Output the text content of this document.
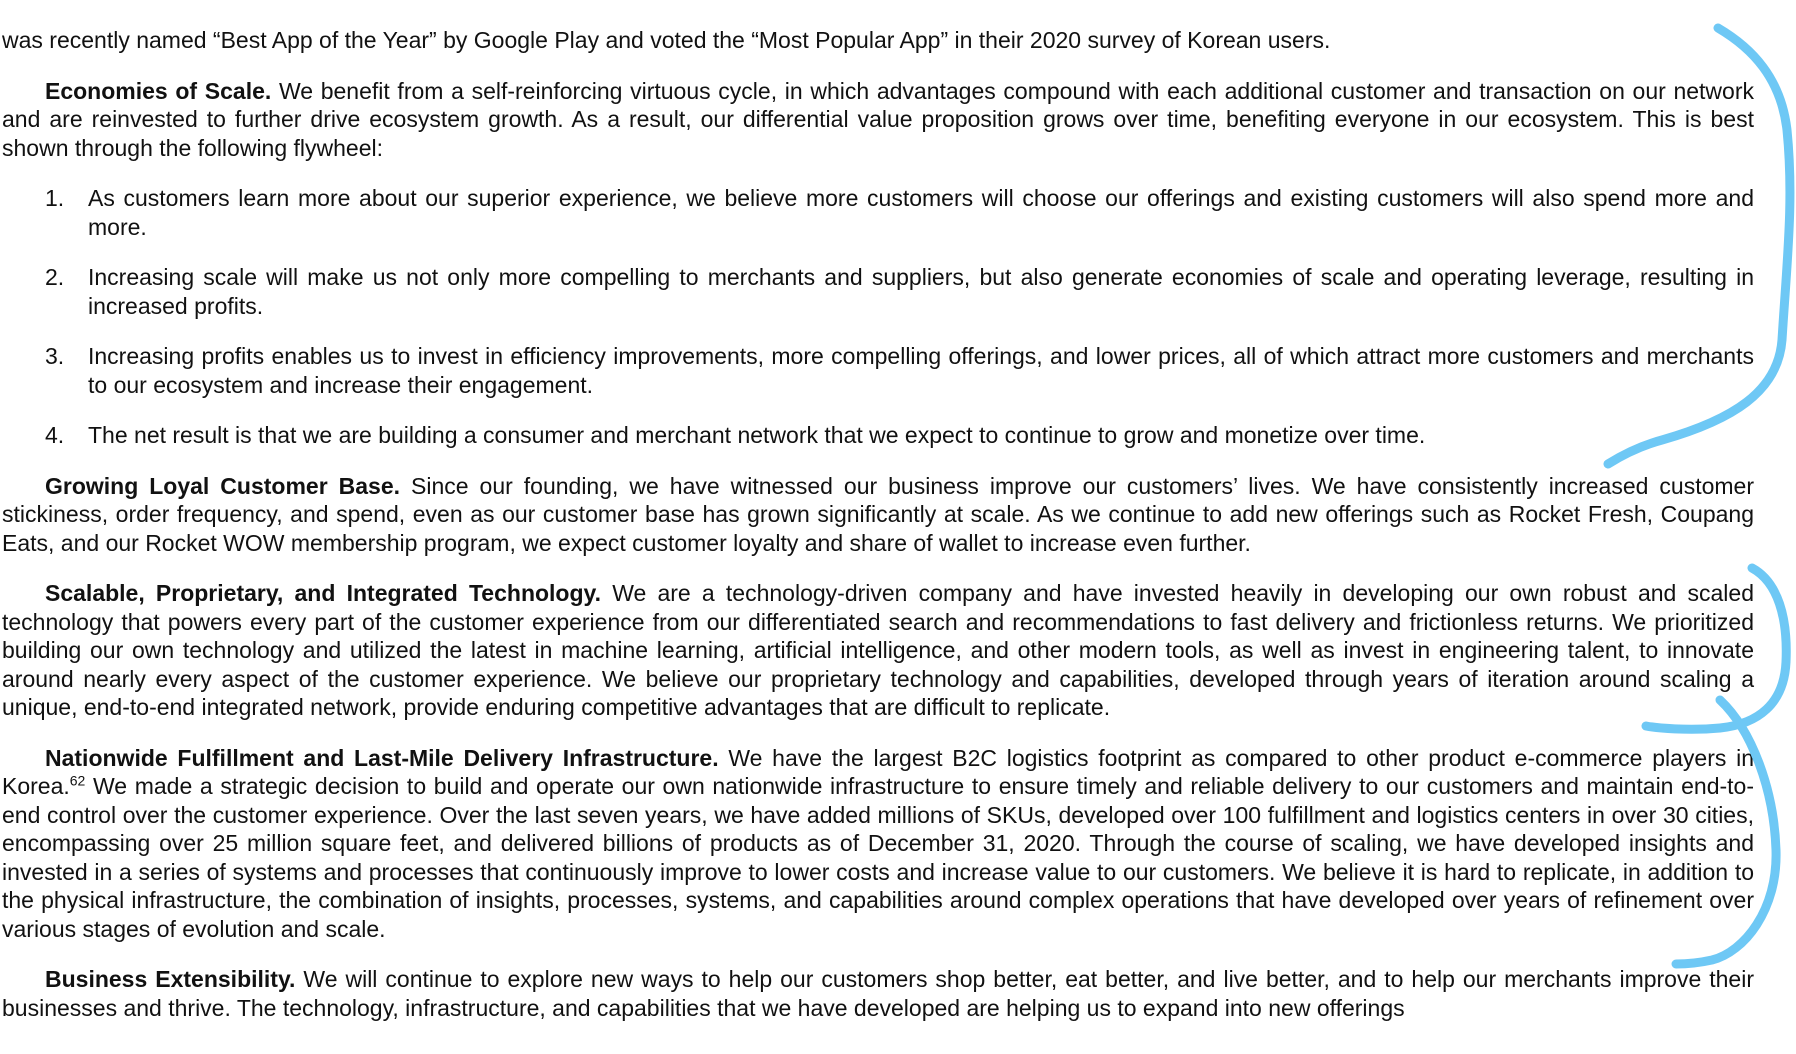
was recently named “Best App of the Year” by Google Play and voted the “Most Popular App” in their 2020 survey of Korean users.

Economies of Scale. We benefit from a self-reinforcing virtuous cycle, in which advantages compound with each additional customer and transaction on our network and are reinvested to further drive ecosystem growth. As a result, our differential value proposition grows over time, benefiting everyone in our ecosystem. This is best shown through the following flywheel:

1. As customers learn more about our superior experience, we believe more customers will choose our offerings and existing customers will also spend more and more.
2. Increasing scale will make us not only more compelling to merchants and suppliers, but also generate economies of scale and operating leverage, resulting in increased profits.
3. Increasing profits enables us to invest in efficiency improvements, more compelling offerings, and lower prices, all of which attract more customers and merchants to our ecosystem and increase their engagement.
4. The net result is that we are building a consumer and merchant network that we expect to continue to grow and monetize over time.

Growing Loyal Customer Base. Since our founding, we have witnessed our business improve our customers’ lives. We have consistently increased customer stickiness, order frequency, and spend, even as our customer base has grown significantly at scale. As we continue to add new offerings such as Rocket Fresh, Coupang Eats, and our Rocket WOW membership program, we expect customer loyalty and share of wallet to increase even further.

Scalable, Proprietary, and Integrated Technology. We are a technology-driven company and have invested heavily in developing our own robust and scaled technology that powers every part of the customer experience from our differentiated search and recommendations to fast delivery and frictionless returns. We prioritized building our own technology and utilized the latest in machine learning, artificial intelligence, and other modern tools, as well as invest in engineering talent, to innovate around nearly every aspect of the customer experience. We believe our proprietary technology and capabilities, developed through years of iteration around scaling a unique, end-to-end integrated network, provide enduring competitive advantages that are difficult to replicate.

Nationwide Fulfillment and Last-Mile Delivery Infrastructure. We have the largest B2C logistics footprint as compared to other product e-commerce players in Korea.$^{62}$ We made a strategic decision to build and operate our own nationwide infrastructure to ensure timely and reliable delivery to our customers and maintain end-to-end control over the customer experience. Over the last seven years, we have added millions of SKUs, developed over 100 fulfillment and logistics centers in over 30 cities, encompassing over 25 million square feet, and delivered billions of products as of December 31, 2020. Through the course of scaling, we have developed insights and invested in a series of systems and processes that continuously improve to lower costs and increase value to our customers. We believe it is hard to replicate, in addition to the physical infrastructure, the combination of insights, processes, systems, and capabilities around complex operations that have developed over years of refinement over various stages of evolution and scale.

Business Extensibility. We will continue to explore new ways to help our customers shop better, eat better, and live better, and to help our merchants improve their businesses and thrive. The technology, infrastructure, and capabilities that we have developed are helping us to expand into new offerings
